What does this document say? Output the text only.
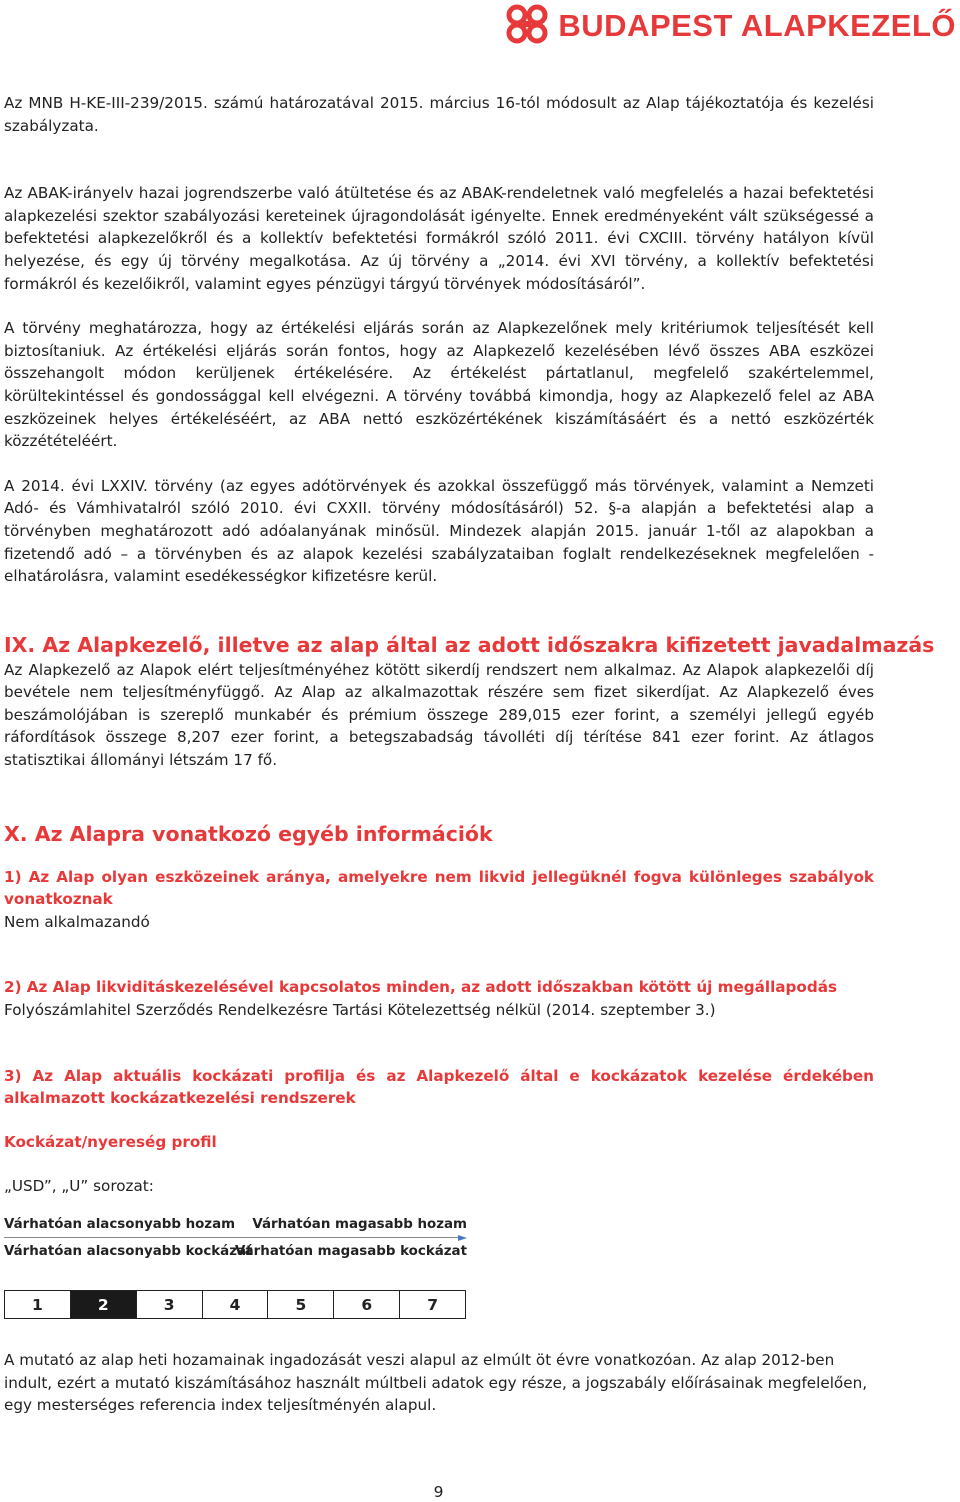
BUDAPEST ALAPKEZELŐ

Az MNB H-KE-III-239/2015. számú határozatával 2015. március 16-tól módosult az Alap tájékoztatója és kezelési szabályzata.

Az ABAK-irányelv hazai jogrendszerbe való átültetése és az ABAK-rendeletnek való megfelelés a hazai befektetési alapkezelési szektor szabályozási kereteinek újragondolását igényelte. Ennek eredményeként vált szükségessé a befektetési alapkezelőkről és a kollektív befektetési formákról szóló 2011. évi CXCIII. törvény hatályon kívül helyezése, és egy új törvény megalkotása. Az új törvény a „2014. évi XVI törvény, a kollektív befektetési formákról és kezelőikről, valamint egyes pénzügyi tárgyú törvények módosításáról”.

A törvény meghatározza, hogy az értékelési eljárás során az Alapkezelőnek mely kritériumok teljesítését kell biztosítaniuk. Az értékelési eljárás során fontos, hogy az Alapkezelő kezelésében lévő összes ABA eszközei összehangolt módon kerüljenek értékelésére. Az értékelést pártatlanul, megfelelő szakértelemmel, körültekintéssel és gondossággal kell elvégezni. A törvény továbbá kimondja, hogy az Alapkezelő felel az ABA eszközeinek helyes értékeléséért, az ABA nettó eszközértékének kiszámításáért és a nettó eszközérték közzétételéért.

A 2014. évi LXXIV. törvény (az egyes adótörvények és azokkal összefüggő más törvények, valamint a Nemzeti Adó- és Vámhivatalról szóló 2010. évi CXXII. törvény módosításáról) 52. §-a alapján a befektetési alap a törvényben meghatározott adó adóalanyának minősül. Mindezek alapján 2015. január 1-től az alapokban a fizetendő adó – a törvényben és az alapok kezelési szabályzataiban foglalt rendelkezéseknek megfelelően - elhatárolásra, valamint esedékességkor kifizetésre kerül.

IX. Az Alapkezelő, illetve az alap által az adott időszakra kifizetett javadalmazás

Az Alapkezelő az Alapok elért teljesítményéhez kötött sikerdíj rendszert nem alkalmaz. Az Alapok alapkezelői díj bevétele nem teljesítményfüggő. Az Alap az alkalmazottak részére sem fizet sikerdíjat. Az Alapkezelő éves beszámolójában is szereplő munkabér és prémium összege 289,015 ezer forint, a személyi jellegű egyéb ráfordítások összege 8,207 ezer forint, a betegszabadság távolléti díj térítése 841 ezer forint. Az átlagos statisztikai állományi létszám 17 fő.

X. Az Alapra vonatkozó egyéb információk
1) Az Alap olyan eszközeinek aránya, amelyekre nem likvid jellegüknél fogva különleges szabályok vonatkoznak
Nem alkalmazandó
2) Az Alap likviditáskezelésével kapcsolatos minden, az adott időszakban kötött új megállapodás
Folyószámlahitel Szerződés Rendelkezésre Tartási Kötelezettség nélkül (2014. szeptember 3.)
3) Az Alap aktuális kockázati profilja és az Alapkezelő által e kockázatok kezelése érdekében alkalmazott kockázatkezelési rendszerek
Kockázat/nyereség profil
„USD”, „U” sorozat:
Várhatóan alacsonyabb hozam Várhatóan magasabb hozam
Várhatóan alacsonyabb kockázat
Várhatóan magasabb kockázat
1	2	3	4	5	6	7

A mutató az alap heti hozamainak ingadozását veszi alapul az elmúlt öt évre vonatkozóan. Az alap 2012-ben indult, ezért a mutató kiszámításához használt múltbeli adatok egy része, a jogszabály előírásainak megfelelően, egy mesterséges referencia index teljesítményén alapul.

9
